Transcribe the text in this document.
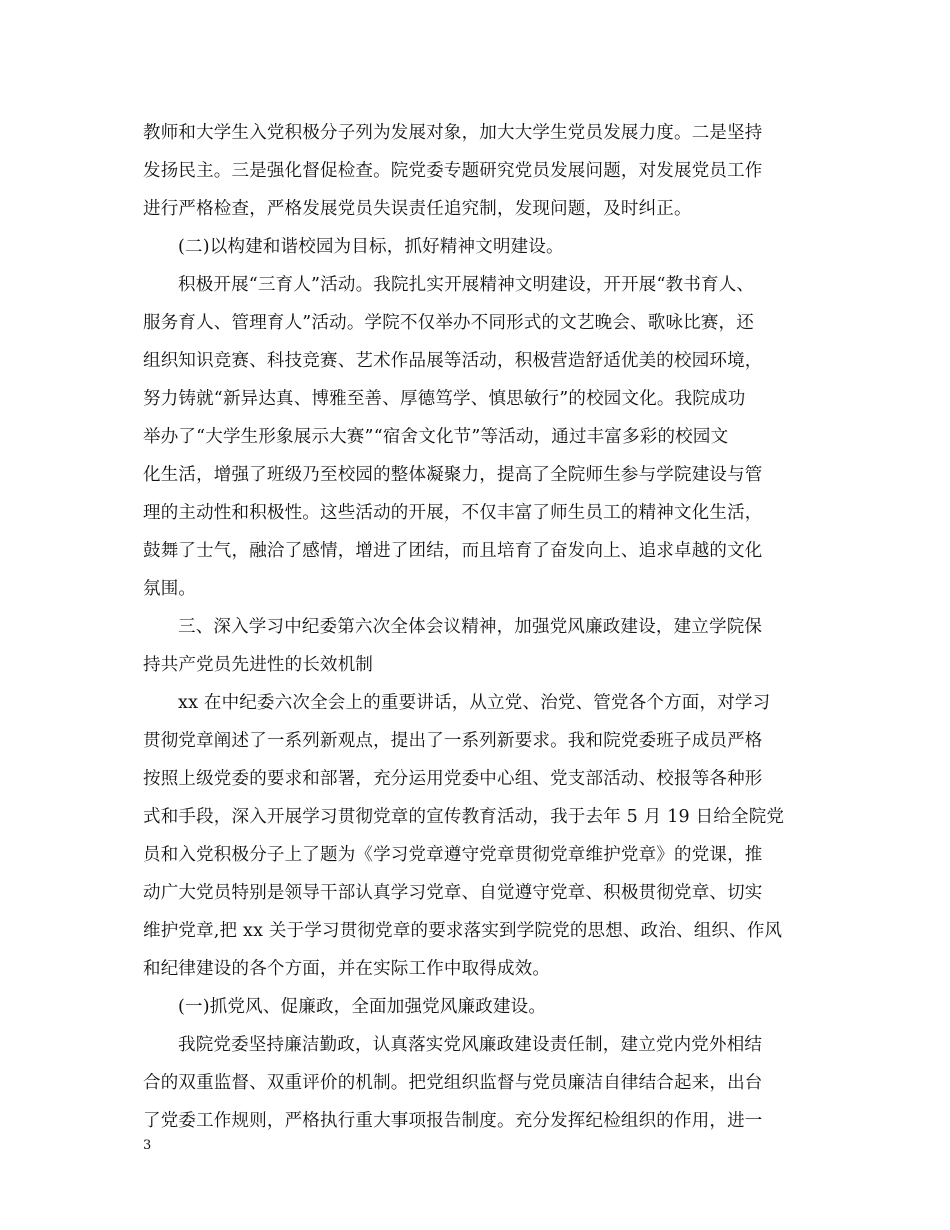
教师和大学生入党积极分子列为发展对象，加大大学生党员发展力度。二是坚持
发扬民主。三是强化督促检查。院党委专题研究党员发展问题，对发展党员工作
进行严格检查，严格发展党员失误责任追究制，发现问题，及时纠正。
(二)以构建和谐校园为目标，抓好精神文明建设。
积极开展“三育人”活动。我院扎实开展精神文明建设，开开展“教书育人、
服务育人、管理育人”活动。学院不仅举办不同形式的文艺晚会、歌咏比赛，还
组织知识竞赛、科技竞赛、艺术作品展等活动，积极营造舒适优美的校园环境，
努力铸就“新异达真、博雅至善、厚德笃学、慎思敏行”的校园文化。我院成功
举办了“大学生形象展示大赛”“宿舍文化节”等活动，通过丰富多彩的校园文
化生活，增强了班级乃至校园的整体凝聚力，提高了全院师生参与学院建设与管
理的主动性和积极性。这些活动的开展，不仅丰富了师生员工的精神文化生活，
鼓舞了士气，融洽了感情，增进了团结，而且培育了奋发向上、追求卓越的文化
氛围。
三、深入学习中纪委第六次全体会议精神，加强党风廉政建设，建立学院保
持共产党员先进性的长效机制
xx 在中纪委六次全会上的重要讲话，从立党、治党、管党各个方面，对学习
贯彻党章阐述了一系列新观点，提出了一系列新要求。我和院党委班子成员严格
按照上级党委的要求和部署，充分运用党委中心组、党支部活动、校报等各种形
式和手段，深入开展学习贯彻党章的宣传教育活动，我于去年 5 月 19 日给全院党
员和入党积极分子上了题为《学习党章遵守党章贯彻党章维护党章》的党课，推
动广大党员特别是领导干部认真学习党章、自觉遵守党章、积极贯彻党章、切实
维护党章,把 xx 关于学习贯彻党章的要求落实到学院党的思想、政治、组织、作风
和纪律建设的各个方面，并在实际工作中取得成效。
(一)抓党风、促廉政，全面加强党风廉政建设。
我院党委坚持廉洁勤政，认真落实党风廉政建设责任制，建立党内党外相结
合的双重监督、双重评价的机制。把党组织监督与党员廉洁自律结合起来，出台
了党委工作规则，严格执行重大事项报告制度。充分发挥纪检组织的作用，进一
3
